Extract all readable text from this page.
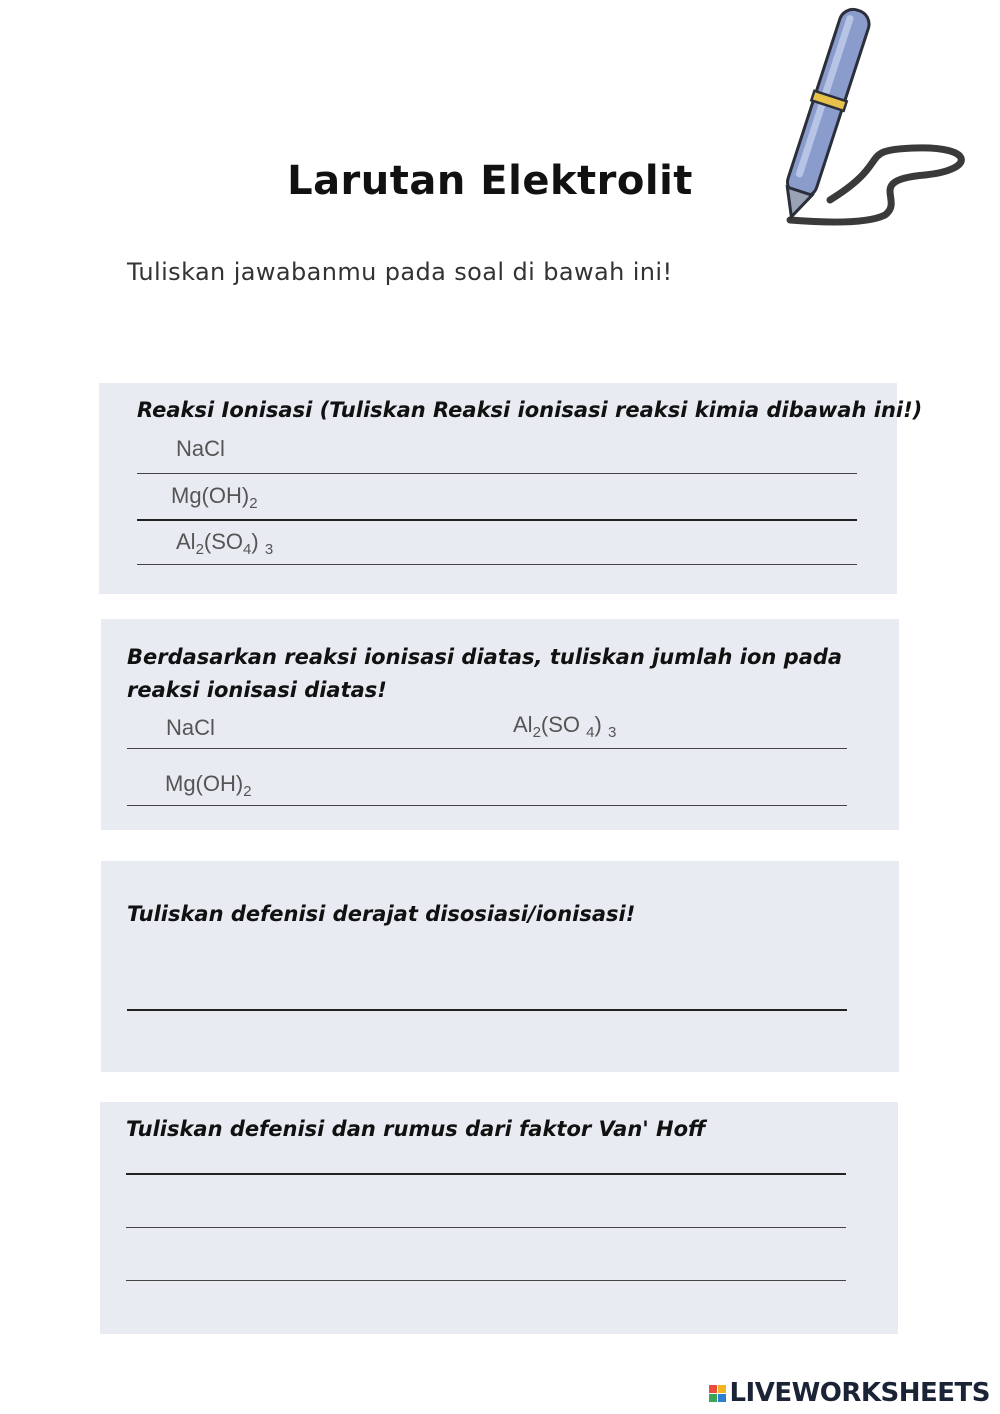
Larutan Elektrolit
Tuliskan jawabanmu pada soal di bawah ini!
Reaksi Ionisasi (Tuliskan Reaksi ionisasi reaksi kimia dibawah ini!)
NaCl
$Mg(OH)_2$
$Al_2(SO_4)$ $_3$
Berdasarkan reaksi ionisasi diatas, tuliskan jumlah ion pada
reaksi ionisasi diatas!
NaCl	$Al_2(SO$ $_4$) $_3$
$Mg(OH)_2$
Tuliskan defenisi derajat disosiasi/ionisasi!
Tuliskan defenisi dan rumus dari faktor Van' Hoff
LIVEWORKSHEETS
